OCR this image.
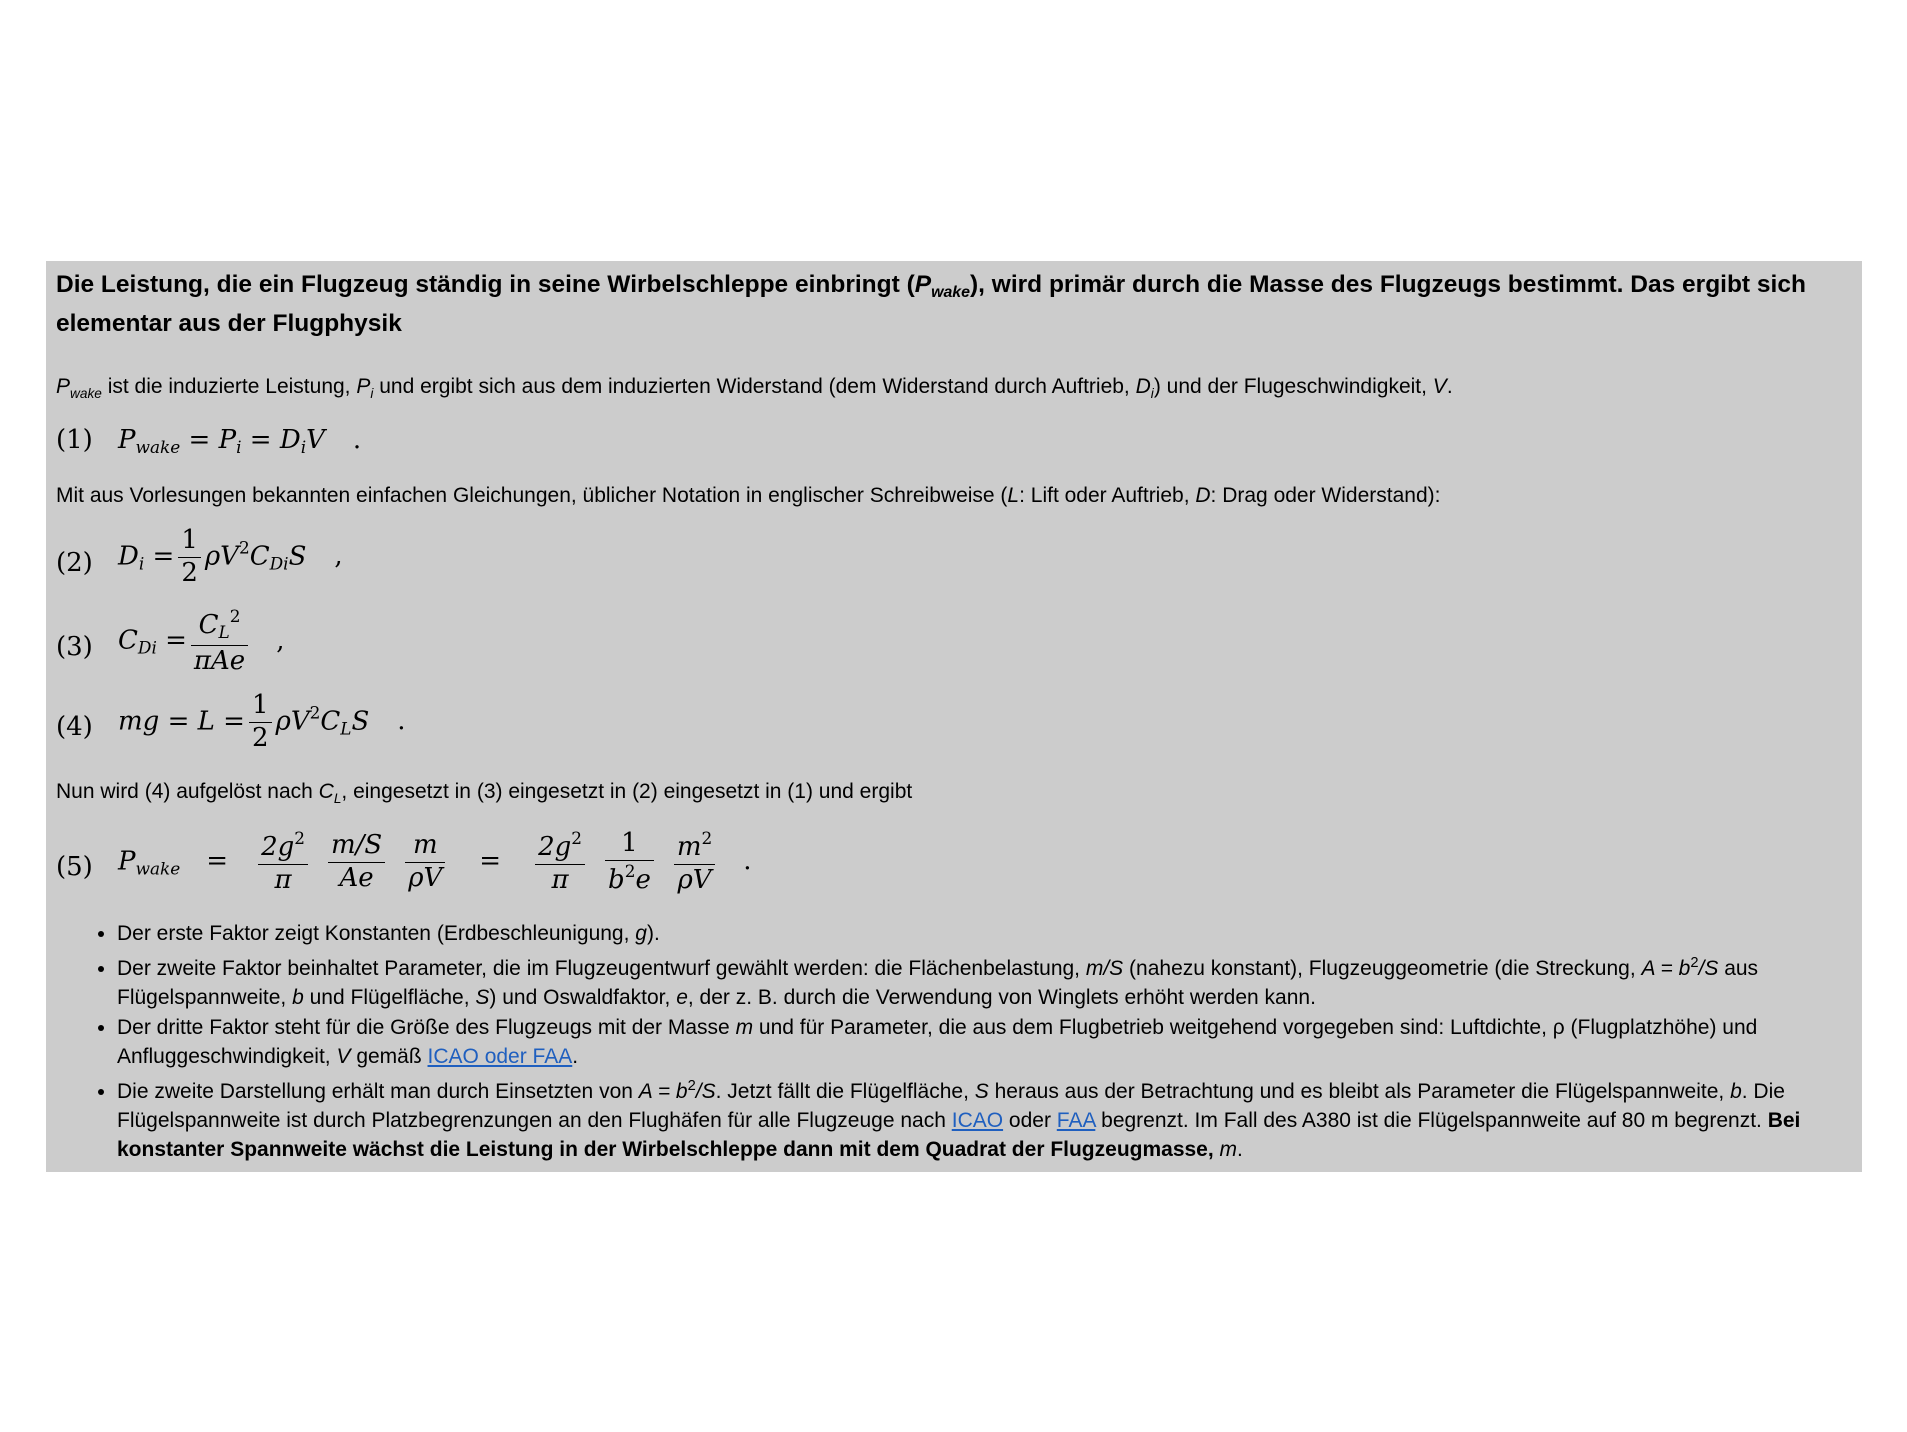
Die Leistung, die ein Flugzeug ständig in seine Wirbelschleppe einbringt $(P_{wake})$, wird primär durch die Masse des Flugzeugs bestimmt. Das ergibt sich
elementar aus der Flugphysik
$P_{wake}$ ist die induzierte Leistung, $P_i$ und ergibt sich aus dem induzierten Widerstand (dem Widerstand durch Auftrieb, $D_i$) und der Flugeschwindigkeit, V.
(1) $P_{wake} = P_i = D_iV$ .
Mit aus Vorlesungen bekannten einfachen Gleichungen, üblicher Notation in englischer Schreibweise (L: Lift oder Auftrieb, D: Drag oder Widerstand):
(2) $D_i = \frac{1}{2} \rho V^2C_{Di}S$ ,
(3) $C_{Di} = \frac{C_L^2}{\text{πAe}}$ ,
(4) mg = $L = \frac{1}{2} \rho V^2C_LS$ .
Nun wird (4) aufgelöst nach $C_L$, eingesetzt in (3) eingesetzt in (2) eingesetzt in (1) und ergibt
(5) $P_{wake} = \frac{2g^2}{\pi} \frac{m/S}{Ae} \frac{m}{\rho V} = \frac{2g^2}{\pi} \frac{1}{b^2e} \frac{m^2}{\rho V}$ .
• Der erste Faktor zeigt Konstanten (Erdbeschleunigung, g).
• Der zweite Faktor beinhaltet Parameter, die im Flugzeugentwurf gewählt werden: die Flächenbelastung, m/S (nahezu konstant), Flugzeuggeometrie (die Streckung, $A = b^2/S$ aus Flügelspannweite, b und Flügelfläche, S) und Oswaldfaktor, e, der z. B. durch die Verwendung von Winglets erhöht werden kann.
• Der dritte Faktor steht für die Größe des Flugzeugs mit der Masse m und für Parameter, die aus dem Flugbetrieb weitgehend vorgegeben sind: Luftdichte, ρ (Flugplatzhöhe) und Anfluggeschwindigkeit, V gemäß ICAO oder FAA.
• Die zweite Darstellung erhält man durch Einsetzten von $A = b^2/S$. Jetzt fällt die Flügelfläche, S heraus aus der Betrachtung und es bleibt als Parameter die Flügelspannweite, b. Die Flügelspannweite ist durch Platzbegrenzungen an den Flughäfen für alle Flugzeuge nach ICAO oder FAA begrenzt. Im Fall des A380 ist die Flügelspannweite auf 80 m begrenzt. Bei konstanter Spannweite wächst die Leistung in der Wirbelschleppe dann mit dem Quadrat der Flugzeugmasse, m.
